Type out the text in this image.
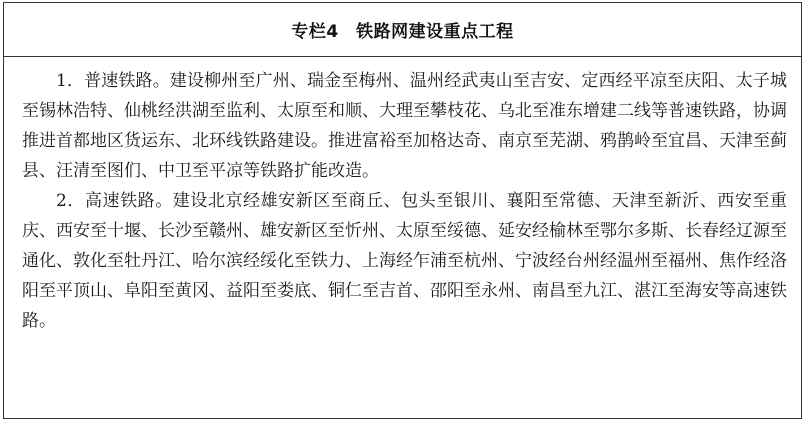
专栏4　铁路网建设重点工程

1．普速铁路。建设柳州至广州、瑞金至梅州、温州经武夷山至吉安、定西经平凉至庆阳、太子城至锡林浩特、仙桃经洪湖至监利、太原至和顺、大理至攀枝花、乌北至准东增建二线等普速铁路，协调推进首都地区货运东、北环线铁路建设。推进富裕至加格达奇、南京至芜湖、鸦鹊岭至宜昌、天津至蓟县、汪清至图们、中卫至平凉等铁路扩能改造。

2．高速铁路。建设北京经雄安新区至商丘、包头至银川、襄阳至常德、天津至新沂、西安至重庆、西安至十堰、长沙至赣州、雄安新区至忻州、太原至绥德、延安经榆林至鄂尔多斯、长春经辽源至通化、敦化至牡丹江、哈尔滨经绥化至铁力、上海经乍浦至杭州、宁波经台州经温州至福州、焦作经洛阳至平顶山、阜阳至黄冈、益阳至娄底、铜仁至吉首、邵阳至永州、南昌至九江、湛江至海安等高速铁路。
